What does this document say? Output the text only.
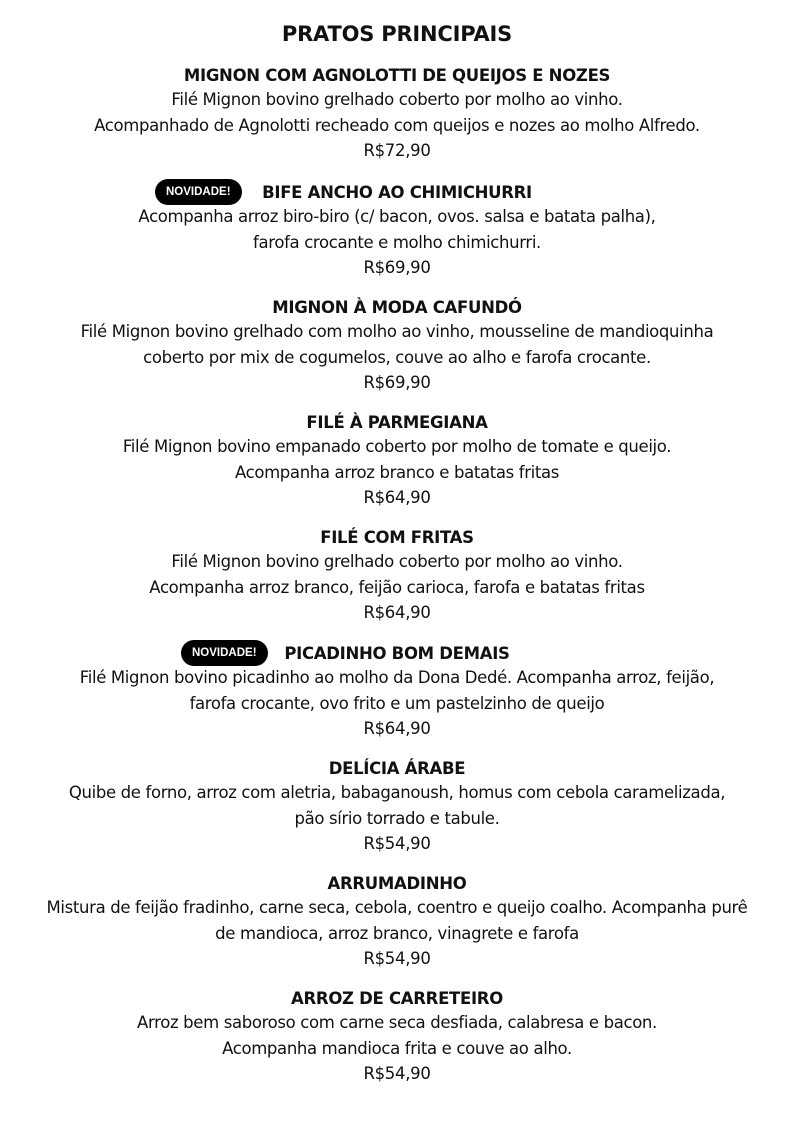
PRATOS PRINCIPAIS
MIGNON COM AGNOLOTTI DE QUEIJOS E NOZES
Filé Mignon bovino grelhado coberto por molho ao vinho.
Acompanhado de Agnolotti recheado com queijos e nozes ao molho Alfredo.
R$72,90
NOVIDADE!	BIFE ANCHO AO CHIMICHURRI
Acompanha arroz biro-biro (c/ bacon, ovos. salsa e batata palha),
farofa crocante e molho chimichurri.
R$69,90
MIGNON À MODA CAFUNDÓ
Filé Mignon bovino grelhado com molho ao vinho, mousseline de mandioquinha
coberto por mix de cogumelos, couve ao alho e farofa crocante.
R$69,90
FILÉ À PARMEGIANA
Filé Mignon bovino empanado coberto por molho de tomate e queijo.
Acompanha arroz branco e batatas fritas
R$64,90
FILÉ COM FRITAS
Filé Mignon bovino grelhado coberto por molho ao vinho.
Acompanha arroz branco, feijão carioca, farofa e batatas fritas
R$64,90
NOVIDADE!	PICADINHO BOM DEMAIS
Filé Mignon bovino picadinho ao molho da Dona Dedé. Acompanha arroz, feijão,
farofa crocante, ovo frito e um pastelzinho de queijo
R$64,90
DELÍCIA ÁRABE
Quibe de forno, arroz com aletria, babaganoush, homus com cebola caramelizada,
pão sírio torrado e tabule.
R$54,90
ARRUMADINHO
Mistura de feijão fradinho, carne seca, cebola, coentro e queijo coalho. Acompanha purê
de mandioca, arroz branco, vinagrete e farofa
R$54,90
ARROZ DE CARRETEIRO
Arroz bem saboroso com carne seca desfiada, calabresa e bacon.
Acompanha mandioca frita e couve ao alho.
R$54,90
